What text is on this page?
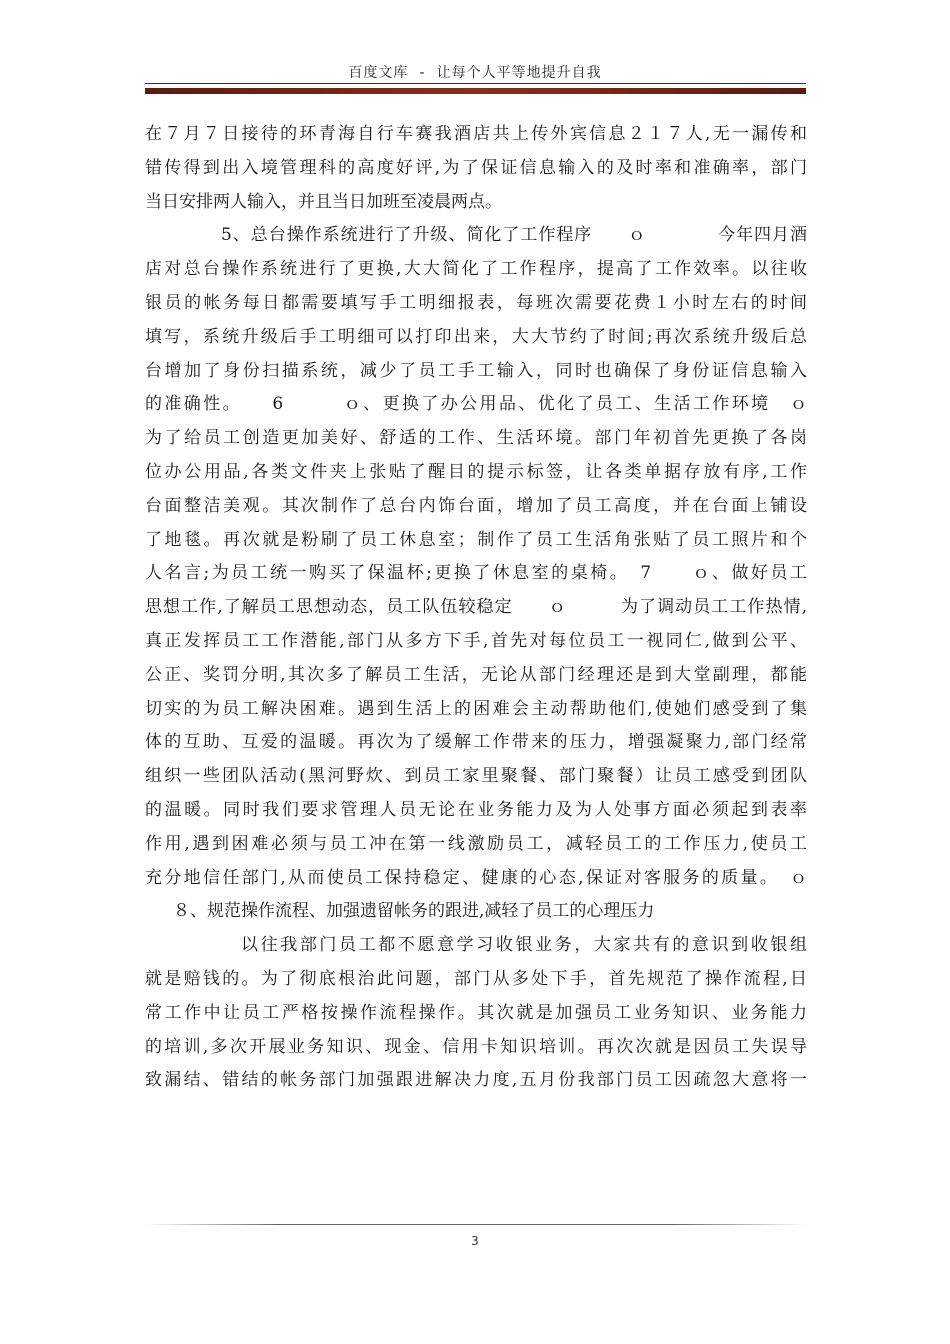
百度文库 - 让每个人平等地提升自我
在７月７日接待的环青海自行车赛我酒店共上传外宾信息２１７人,无一漏传和
错传得到出入境管理科的高度好评,为了保证信息输入的及时率和准确率，部门
当日安排两人输入，并且当日加班至凌晨两点。
5、总台操作系统进行了升级、简化了工作程序　　ｏ　　　　今年四月酒
店对总台操作系统进行了更换,大大简化了工作程序，提高了工作效率。以往收
银员的帐务每日都需要填写手工明细报表，每班次需要花费１小时左右的时间
填写，系统升级后手工明细可以打印出来，大大节约了时间;再次系统升级后总
台增加了身份扫描系统，减少了员工手工输入，同时也确保了身份证信息输入
的准确性。　　6　　　ｏ、更换了办公用品、优化了员工、生活工作环境　ｏ
为了给员工创造更加美好、舒适的工作、生活环境。部门年初首先更换了各岗
位办公用品,各类文件夹上张贴了醒目的提示标签，让各类单据存放有序,工作
台面整洁美观。其次制作了总台内饰台面，增加了员工高度，并在台面上铺设
了地毯。再次就是粉刷了员工休息室；制作了员工生活角张贴了员工照片和个
人名言;为员工统一购买了保温杯;更换了休息室的桌椅。　7　　ｏ、做好员工
思想工作,了解员工思想动态，员工队伍较稳定　　ｏ　　　为了调动员工工作热情,
真正发挥员工工作潜能,部门从多方下手,首先对每位员工一视同仁,做到公平、
公正、奖罚分明,其次多了解员工生活，无论从部门经理还是到大堂副理，都能
切实的为员工解决困难。遇到生活上的困难会主动帮助他们,使她们感受到了集
体的互助、互爱的温暖。再次为了缓解工作带来的压力，增强凝聚力,部门经常
组织一些团队活动(黑河野炊、到员工家里聚餐、部门聚餐）让员工感受到团队
的温暖。同时我们要求管理人员无论在业务能力及为人处事方面必须起到表率
作用,遇到困难必须与员工冲在第一线激励员工，减轻员工的工作压力,使员工
充分地信任部门,从而使员工保持稳定、健康的心态,保证对客服务的质量。　ｏ
８、规范操作流程、加强遗留帐务的跟进,减轻了员工的心理压力
以往我部门员工都不愿意学习收银业务，大家共有的意识到收银组
就是赔钱的。为了彻底根治此问题，部门从多处下手，首先规范了操作流程,日
常工作中让员工严格按操作流程操作。其次就是加强员工业务知识、业务能力
的培训,多次开展业务知识、现金、信用卡知识培训。再次次就是因员工失误导
致漏结、错结的帐务部门加强跟进解决力度,五月份我部门员工因疏忽大意将一
3
